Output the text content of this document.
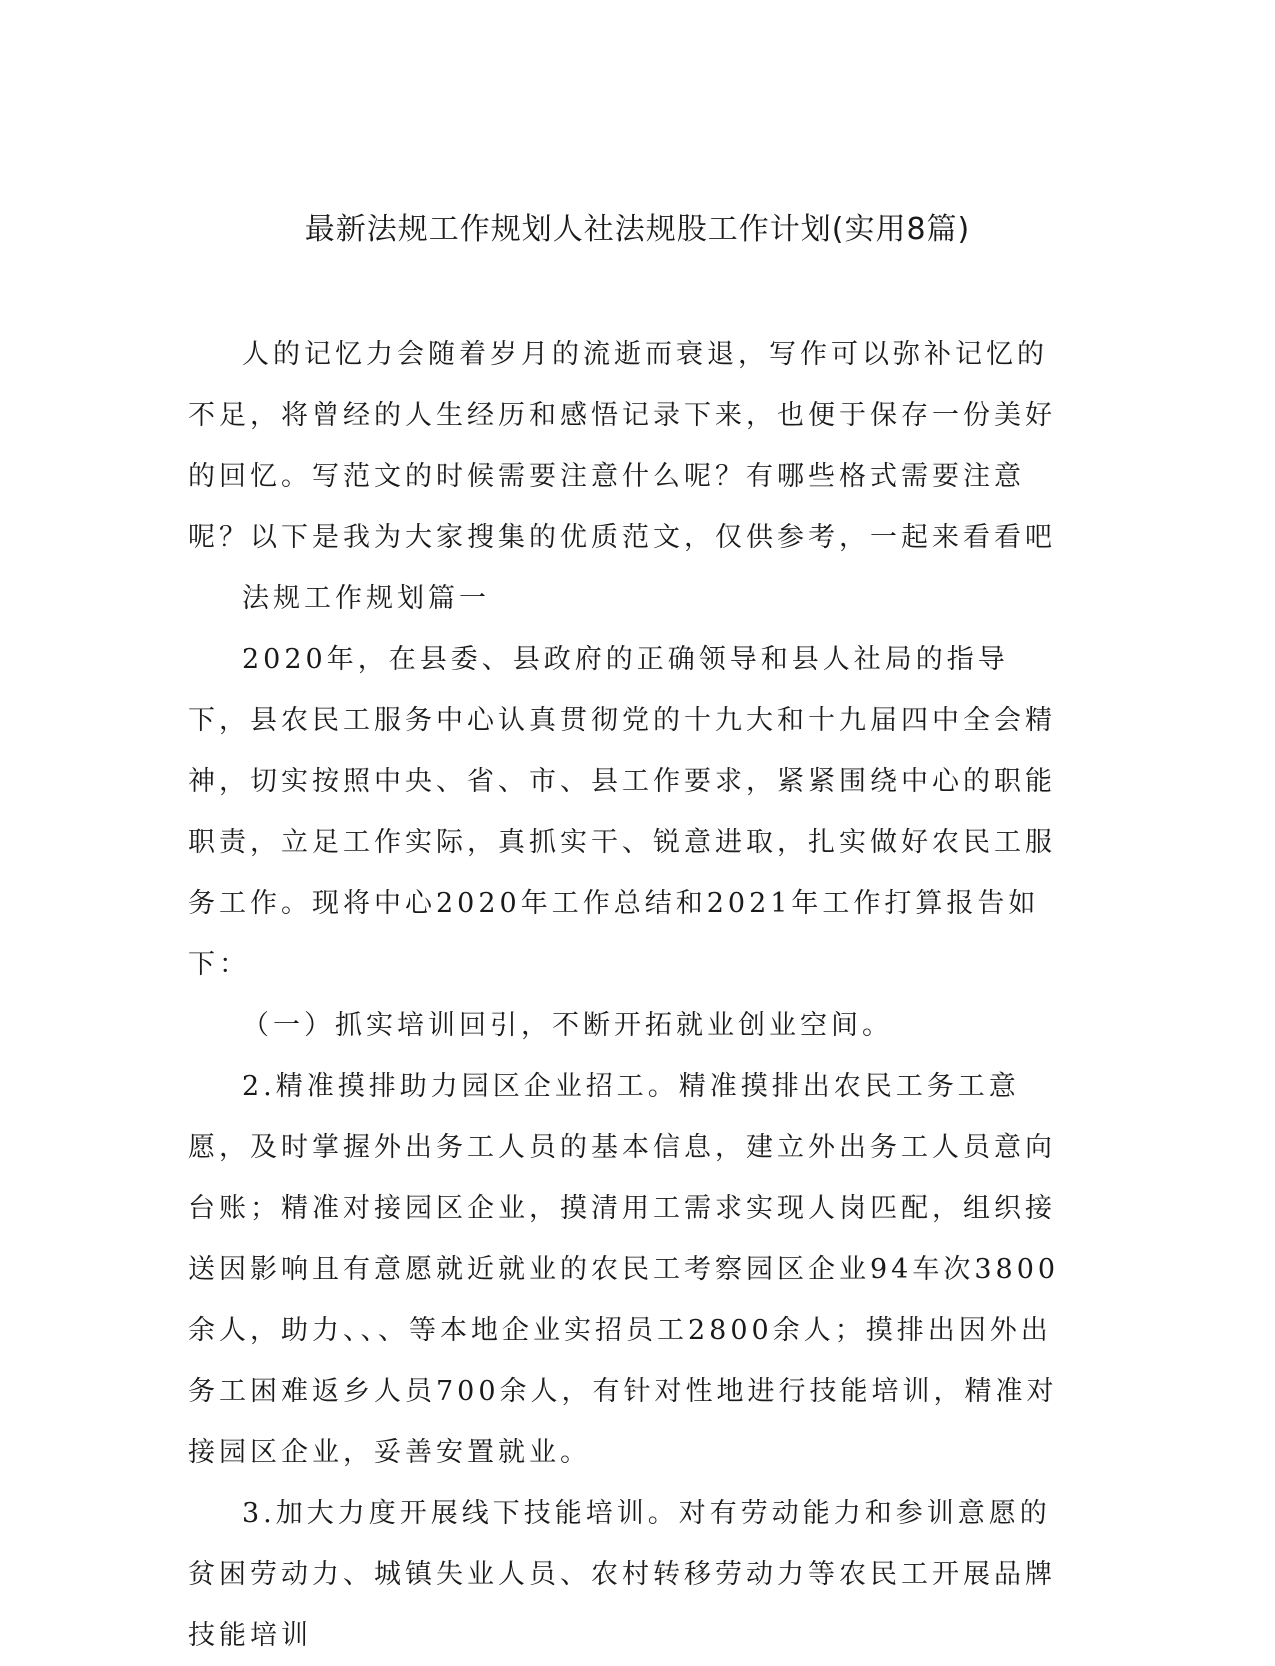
最新法规工作规划人社法规股工作计划(实用8篇)

人的记忆力会随着岁月的流逝而衰退，写作可以弥补记忆的不足，将曾经的人生经历和感悟记录下来，也便于保存一份美好的回忆。写范文的时候需要注意什么呢？有哪些格式需要注意呢？以下是我为大家搜集的优质范文，仅供参考，一起来看看吧

法规工作规划篇一

2020年，在县委、县政府的正确领导和县人社局的指导下，县农民工服务中心认真贯彻党的十九大和十九届四中全会精神，切实按照中央、省、市、县工作要求，紧紧围绕中心的职能职责，立足工作实际，真抓实干、锐意进取，扎实做好农民工服务工作。现将中心2020年工作总结和2021年工作打算报告如下：

（一）抓实培训回引，不断开拓就业创业空间。

2.精准摸排助力园区企业招工。精准摸排出农民工务工意愿，及时掌握外出务工人员的基本信息，建立外出务工人员意向台账；精准对接园区企业，摸清用工需求实现人岗匹配，组织接送因影响且有意愿就近就业的农民工考察园区企业94车次3800余人，助力、、、等本地企业实招员工2800余人；摸排出因外出务工困难返乡人员700余人，有针对性地进行技能培训，精准对接园区企业，妥善安置就业。

3.加大力度开展线下技能培训。对有劳动能力和参训意愿的贫困劳动力、城镇失业人员、农村转移劳动力等农民工开展品牌技能培训
